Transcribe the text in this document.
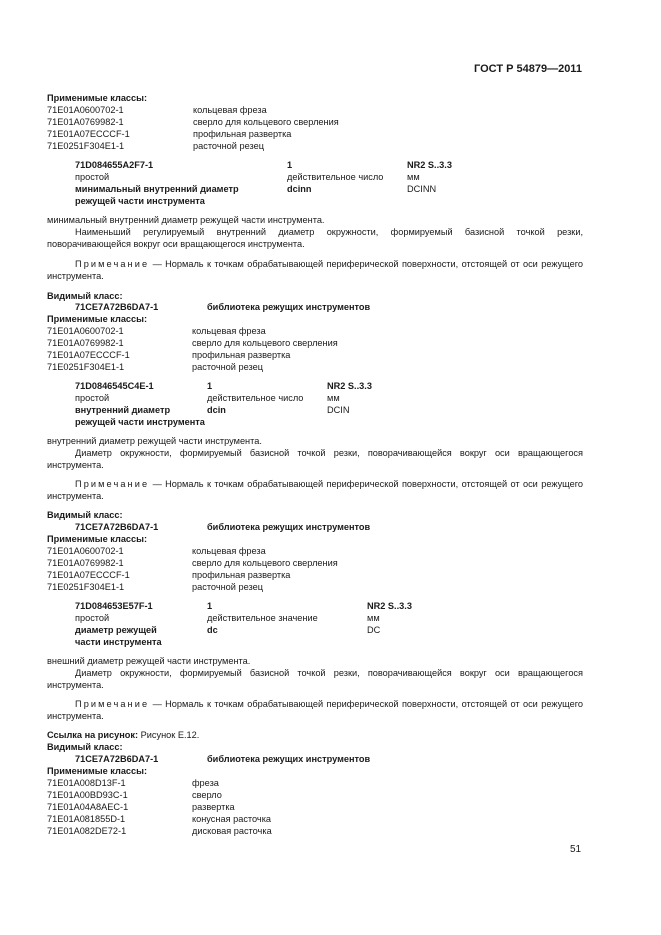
ГОСТ Р 54879—2011
Применимые классы:
71E01A0600702-1	кольцевая фреза
71E01A0769982-1	сверло для кольцевого сверления
71E01A07ECCCF-1	профильная развертка
71E0251F304E1-1	расточной резец
71D084655A2F7-1	1	NR2 S..3.3
простой	действительное число	мм
минимальный внутренний диаметр	dcinn	DCINN
режущей части инструмента
минимальный внутренний диаметр режущей части инструмента.
Наименьший регулируемый внутренний диаметр окружности, формируемый базисной точкой резки, поворачивающейся вокруг оси вращающегося инструмента.
Примечание — Нормаль к точкам обрабатывающей периферической поверхности, отстоящей от оси режущего инструмента.
Видимый класс:
71CE7A72B6DA7-1	библиотека режущих инструментов
Применимые классы:
71E01A0600702-1	кольцевая фреза
71E01A0769982-1	сверло для кольцевого сверления
71E01A07ECCCF-1	профильная развертка
71E0251F304E1-1	расточной резец
71D0846545C4E-1	1	NR2 S..3.3
простой	действительное число	мм
внутренний диаметр	dcin	DCIN
режущей части инструмента
внутренний диаметр режущей части инструмента.
Диаметр окружности, формируемый базисной точкой резки, поворачивающейся вокруг оси вращающегося инструмента.
Примечание — Нормаль к точкам обрабатывающей периферической поверхности, отстоящей от оси режущего инструмента.
Видимый класс:
71CE7A72B6DA7-1	библиотека режущих инструментов
Применимые классы:
71E01A0600702-1	кольцевая фреза
71E01A0769982-1	сверло для кольцевого сверления
71E01A07ECCCF-1	профильная развертка
71E0251F304E1-1	расточной резец
71D084653E57F-1	1	NR2 S..3.3
простой	действительное значение	мм
диаметр режущей	dc	DC
части инструмента
внешний диаметр режущей части инструмента.
Диаметр окружности, формируемый базисной точкой резки, поворачивающейся вокруг оси вращающегося инструмента.
Примечание — Нормаль к точкам обрабатывающей периферической поверхности, отстоящей от оси режущего инструмента.
Ссылка на рисунок: Рисунок Е.12.
Видимый класс:
71CE7A72B6DA7-1	библиотека режущих инструментов
Применимые классы:
71E01A008D13F-1	фреза
71E01A00BD93C-1	сверло
71E01A04A8AEC-1	развертка
71E01A081855D-1	конусная расточка
71E01A082DE72-1	дисковая расточка
51
